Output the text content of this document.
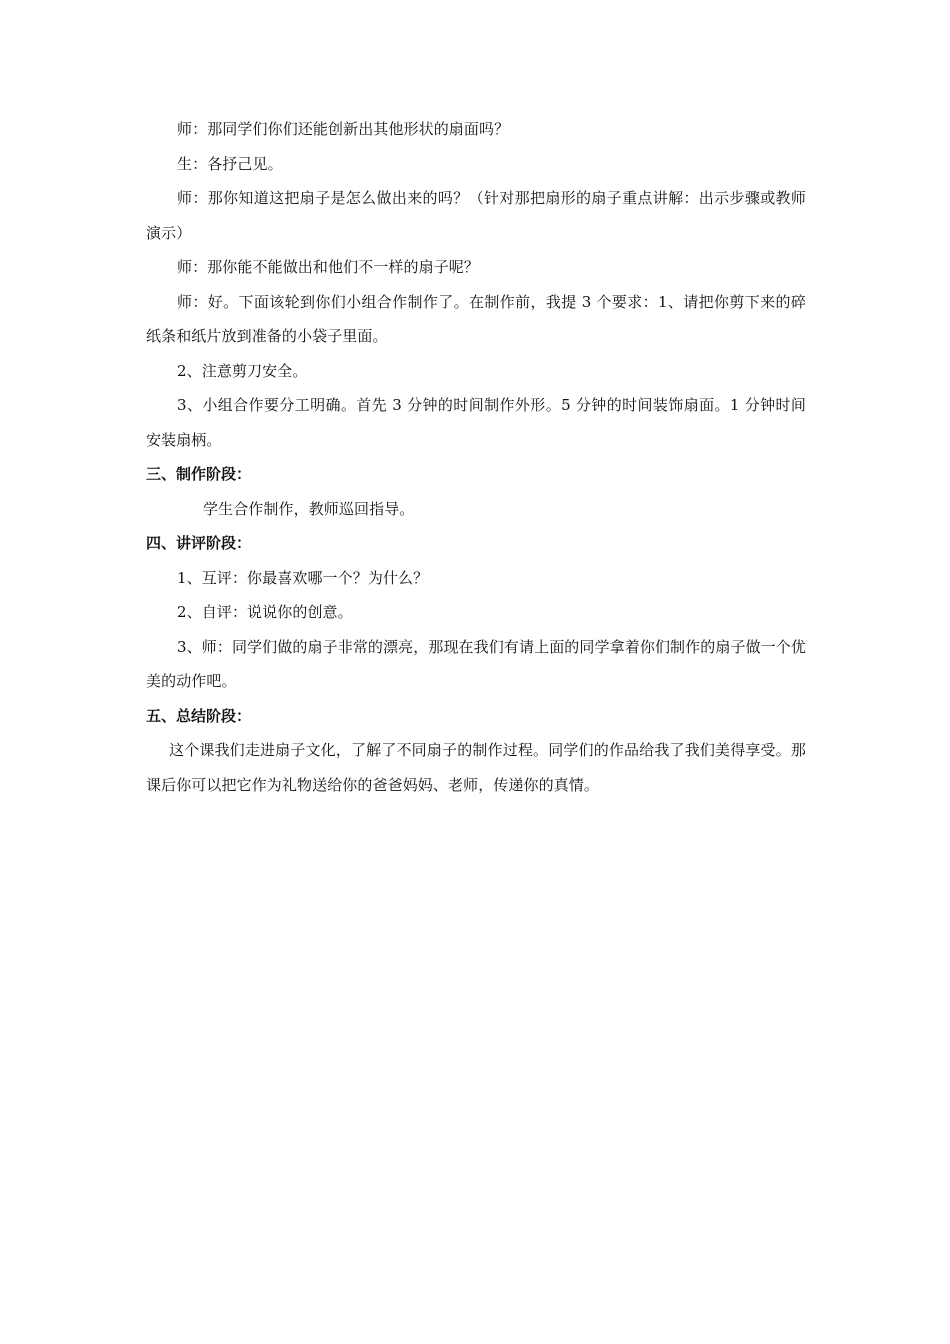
师：那同学们你们还能创新出其他形状的扇面吗？

生：各抒己见。

师：那你知道这把扇子是怎么做出来的吗？（针对那把扇形的扇子重点讲解：出示步骤或教师演示）

师：那你能不能做出和他们不一样的扇子呢？

师：好。下面该轮到你们小组合作制作了。在制作前，我提 3 个要求：1、请把你剪下来的碎纸条和纸片放到准备的小袋子里面。

2、注意剪刀安全。

3、小组合作要分工明确。首先 3 分钟的时间制作外形。5 分钟的时间装饰扇面。1 分钟时间安装扇柄。

三、制作阶段：

学生合作制作，教师巡回指导。

四、讲评阶段：

1、互评：你最喜欢哪一个？为什么？

2、自评：说说你的创意。

3、师：同学们做的扇子非常的漂亮，那现在我们有请上面的同学拿着你们制作的扇子做一个优美的动作吧。

五、总结阶段：

这个课我们走进扇子文化，了解了不同扇子的制作过程。同学们的作品给我了我们美得享受。那课后你可以把它作为礼物送给你的爸爸妈妈、老师，传递你的真情。
